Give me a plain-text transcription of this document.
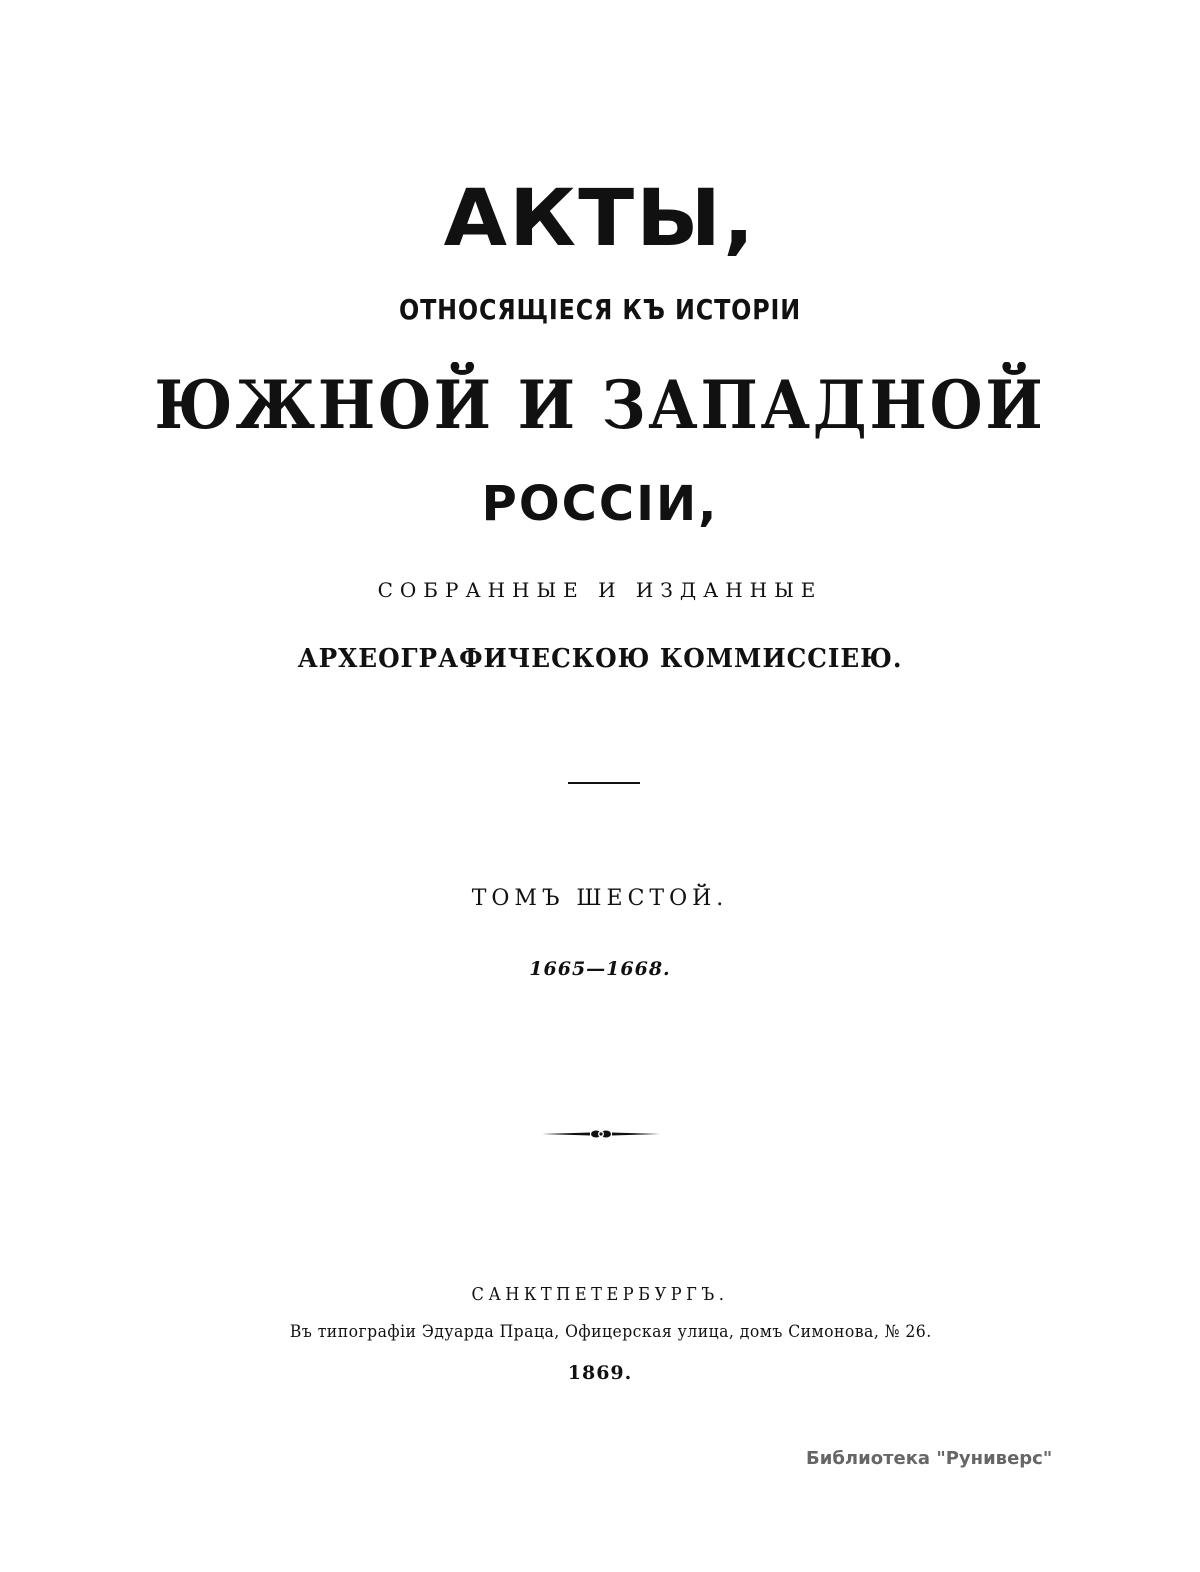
АКТЫ,
ОТНОСЯЩІЕСЯ КЪ ИСТОРІИ
ЮЖНОЙ И ЗАПАДНОЙ
РОССІИ,
СОБРАННЫЕ И ИЗДАННЫЕ
АРХЕОГРАФИЧЕСКОЮ КОММИССІЕЮ.
ТОМЪ ШЕСТОЙ.
1665—1668.
САНКТПЕТЕРБУРГЪ.
Въ типографіи Эдуарда Праца, Офицерская улица, домъ Симонова, № 26.
1869.
Библиотека "Руниверс"
